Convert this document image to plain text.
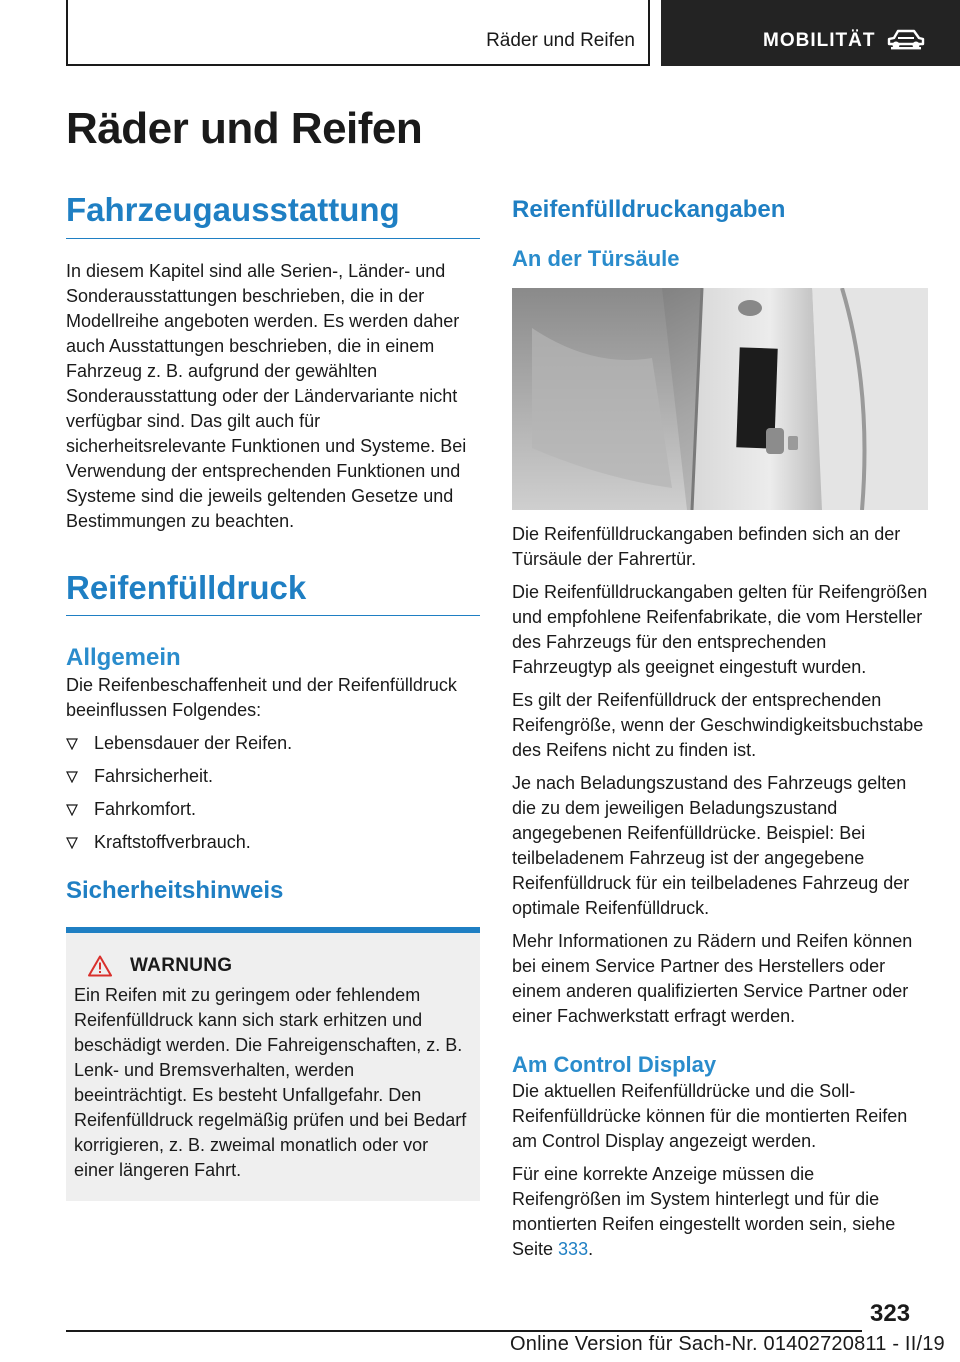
Räder und Reifen	MOBILITÄT
Räder und Reifen
Fahrzeugausstattung

In diesem Kapitel sind alle Serien-, Länder- und Sonderausstattungen beschrieben, die in der Modellreihe angeboten werden. Es werden daher auch Ausstattungen beschrieben, die in einem Fahrzeug z. B. aufgrund der gewählten Sonderausstattung oder der Ländervariante nicht verfügbar sind. Das gilt auch für sicherheitsrelevante Funktionen und Systeme. Bei Verwendung der entsprechenden Funktionen und Systeme sind die jeweils geltenden Gesetze und Bestimmungen zu beachten.

Reifenfülldruck
Allgemein

Die Reifenbeschaffenheit und der Reifenfülldruck beeinflussen Folgendes:

Lebensdauer der Reifen.
Fahrsicherheit.
Fahrkomfort.
Kraftstoffverbrauch.
Sicherheitshinweis
WARNUNG

Ein Reifen mit zu geringem oder fehlendem Reifenfülldruck kann sich stark erhitzen und beschädigt werden. Die Fahreigenschaften, z. B. Lenk- und Bremsverhalten, werden beeinträchtigt. Es besteht Unfallgefahr. Den Reifenfülldruck regelmäßig prüfen und bei Bedarf korrigieren, z. B. zweimal monatlich oder vor einer längeren Fahrt.

Reifenfülldruckangaben
An der Türsäule

Die Reifenfülldruckangaben befinden sich an der Türsäule der Fahrertür.

Die Reifenfülldruckangaben gelten für Reifengrößen und empfohlene Reifenfabrikate, die vom Hersteller des Fahrzeugs für den entsprechenden Fahrzeugtyp als geeignet eingestuft wurden.

Es gilt der Reifenfülldruck der entsprechenden Reifengröße, wenn der Geschwindigkeitsbuchstabe des Reifens nicht zu finden ist.

Je nach Beladungszustand des Fahrzeugs gelten die zu dem jeweiligen Beladungszustand angegebenen Reifenfülldrücke. Beispiel: Bei teilbeladenem Fahrzeug ist der angegebene Reifenfülldruck für ein teilbeladenes Fahrzeug der optimale Reifenfülldruck.

Mehr Informationen zu Rädern und Reifen können bei einem Service Partner des Herstellers oder einem anderen qualifizierten Service Partner oder einer Fachwerkstatt erfragt werden.

Am Control Display

Die aktuellen Reifenfülldrücke und die Soll-Reifenfülldrücke können für die montierten Reifen am Control Display angezeigt werden.

Für eine korrekte Anzeige müssen die Reifengrößen im System hinterlegt und für die montierten Reifen eingestellt worden sein, siehe Seite 333.

323
Online Version für Sach-Nr. 01402720811 - II/19
